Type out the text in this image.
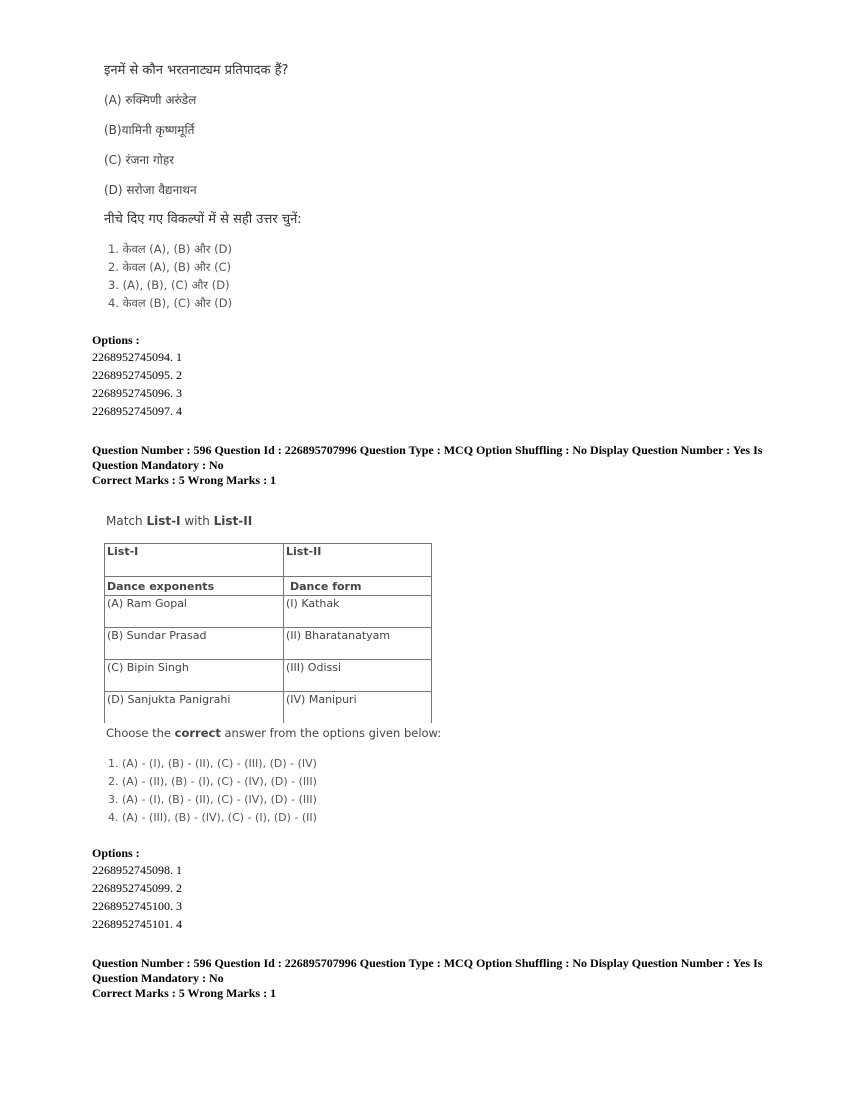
इनमें से कौन भरतनाट्यम प्रतिपादक हैं?
(A) रुक्मिणी अरुंडेल
(B)यामिनी कृष्णमूर्ति
(C) रंजना गोहर
(D) सरोजा वैद्यनाथन
नीचे दिए गए विकल्पों में से सही उत्तर चुनें:
1. केवल (A), (B) और (D)
2. केवल (A), (B) और (C)
3. (A), (B), (C) और (D)
4. केवल (B), (C) और (D)
Options :
2268952745094. 1
2268952745095. 2
2268952745096. 3
2268952745097. 4
Question Number : 596 Question Id : 226895707996 Question Type : MCQ Option Shuffling : No Display Question Number : Yes Is Question Mandatory : No
Correct Marks : 5 Wrong Marks : 1
Match List-I with List-II
List-I	List-II
Dance exponents	Dance form
(A) Ram Gopal	(I) Kathak
(B) Sundar Prasad	(II) Bharatanatyam
(C) Bipin Singh	(III) Odissi
(D) Sanjukta Panigrahi	(IV) Manipuri
Choose the correct answer from the options given below:
1. (A) - (I), (B) - (II), (C) - (III), (D) - (IV)
2. (A) - (II), (B) - (I), (C) - (IV), (D) - (III)
3. (A) - (I), (B) - (II), (C) - (IV), (D) - (III)
4. (A) - (III), (B) - (IV), (C) - (I), (D) - (II)
Options :
2268952745098. 1
2268952745099. 2
2268952745100. 3
2268952745101. 4
Question Number : 596 Question Id : 226895707996 Question Type : MCQ Option Shuffling : No Display Question Number : Yes Is Question Mandatory : No
Correct Marks : 5 Wrong Marks : 1
